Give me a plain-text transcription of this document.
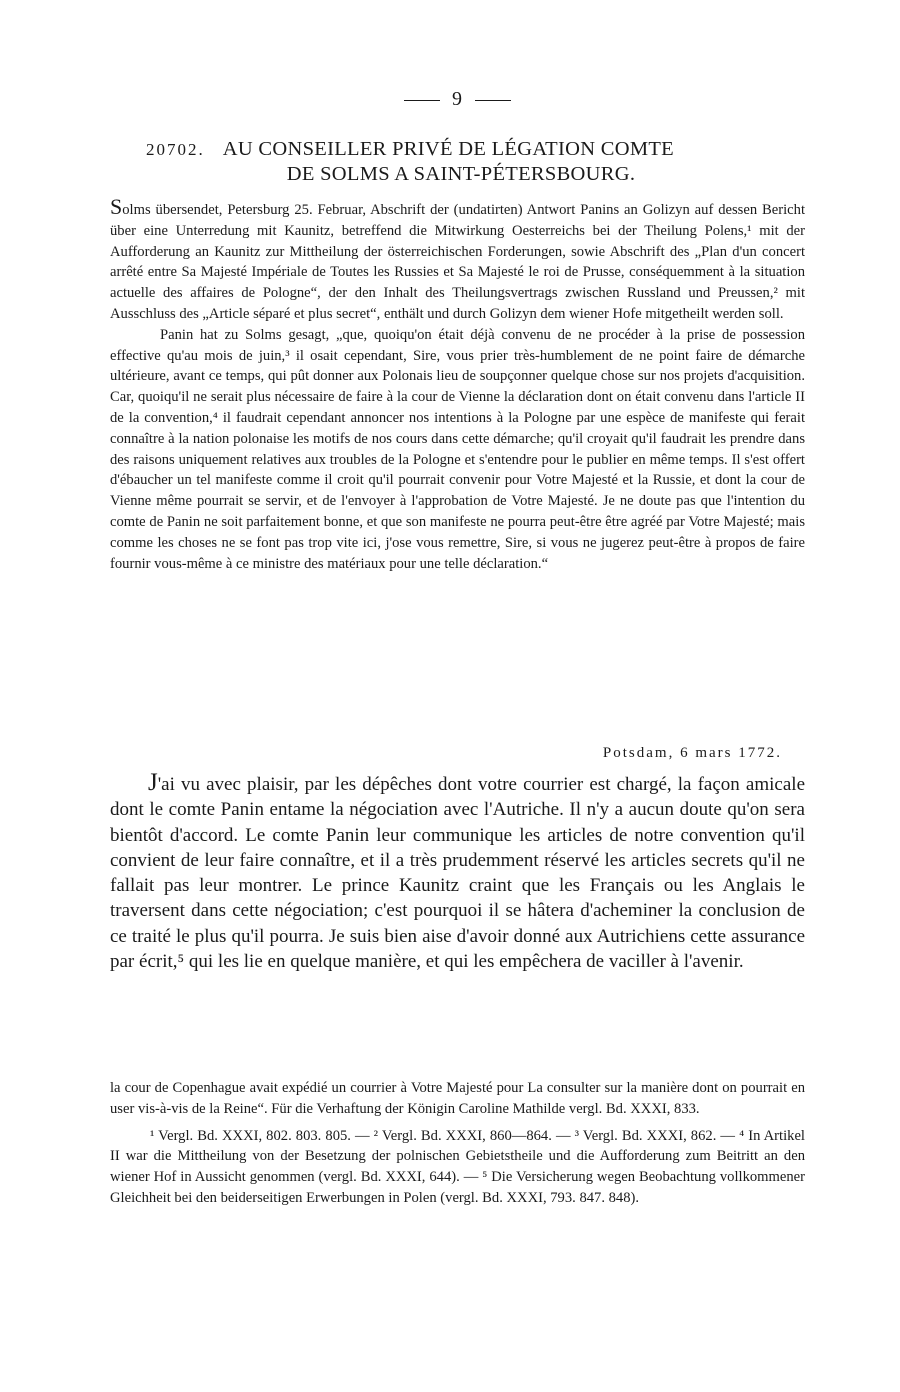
9
20702. AU CONSEILLER PRIVÉ DE LÉGATION COMTE
DE SOLMS A SAINT-PÉTERSBOURG.

Solms übersendet, Petersburg 25. Februar, Abschrift der (undatirten) Antwort Panins an Golizyn auf dessen Bericht über eine Unterredung mit Kaunitz, betreffend die Mitwirkung Oesterreichs bei der Theilung Polens,¹ mit der Aufforderung an Kaunitz zur Mittheilung der österreichischen Forderungen, sowie Abschrift des „Plan d'un concert arrêté entre Sa Majesté Impériale de Toutes les Russies et Sa Majesté le roi de Prusse, conséquemment à la situation actuelle des affaires de Pologne“, der den Inhalt des Theilungsvertrags zwischen Russland und Preussen,² mit Ausschluss des „Article séparé et plus secret“, enthält und durch Golizyn dem wiener Hofe mitgetheilt werden soll.

Panin hat zu Solms gesagt, „que, quoiqu'on était déjà convenu de ne procéder à la prise de possession effective qu'au mois de juin,³ il osait cependant, Sire, vous prier très-humblement de ne point faire de démarche ultérieure, avant ce temps, qui pût donner aux Polonais lieu de soupçonner quelque chose sur nos projets d'acquisition. Car, quoiqu'il ne serait plus nécessaire de faire à la cour de Vienne la déclaration dont on était convenu dans l'article II de la convention,⁴ il faudrait cependant annoncer nos intentions à la Pologne par une espèce de manifeste qui ferait connaître à la nation polonaise les motifs de nos cours dans cette démarche; qu'il croyait qu'il faudrait les prendre dans des raisons uniquement relatives aux troubles de la Pologne et s'entendre pour le publier en même temps. Il s'est offert d'ébaucher un tel manifeste comme il croit qu'il pourrait convenir pour Votre Majesté et la Russie, et dont la cour de Vienne même pourrait se servir, et de l'envoyer à l'approbation de Votre Majesté. Je ne doute pas que l'intention du comte de Panin ne soit parfaitement bonne, et que son manifeste ne pourra peut-être être agréé par Votre Majesté; mais comme les choses ne se font pas trop vite ici, j'ose vous remettre, Sire, si vous ne jugerez peut-être à propos de faire fournir vous-même à ce ministre des matériaux pour une telle déclaration.“

Potsdam, 6 mars 1772.

J'ai vu avec plaisir, par les dépêches dont votre courrier est chargé, la façon amicale dont le comte Panin entame la négociation avec l'Autriche. Il n'y a aucun doute qu'on sera bientôt d'accord. Le comte Panin leur communique les articles de notre convention qu'il convient de leur faire connaître, et il a très prudemment réservé les articles secrets qu'il ne fallait pas leur montrer. Le prince Kaunitz craint que les Français ou les Anglais le traversent dans cette négociation; c'est pourquoi il se hâtera d'acheminer la conclusion de ce traité le plus qu'il pourra. Je suis bien aise d'avoir donné aux Autrichiens cette assurance par écrit,⁵ qui les lie en quelque manière, et qui les empêchera de vaciller à l'avenir.

la cour de Copenhague avait expédié un courrier à Votre Majesté pour La consulter sur la manière dont on pourrait en user vis-à-vis de la Reine“. Für die Verhaftung der Königin Caroline Mathilde vergl. Bd. XXXI, 833.

¹ Vergl. Bd. XXXI, 802. 803. 805. — ² Vergl. Bd. XXXI, 860—864. — ³ Vergl. Bd. XXXI, 862. — ⁴ In Artikel II war die Mittheilung von der Besetzung der polnischen Gebietstheile und die Aufforderung zum Beitritt an den wiener Hof in Aussicht genommen (vergl. Bd. XXXI, 644). — ⁵ Die Versicherung wegen Beobachtung vollkommener Gleichheit bei den beiderseitigen Erwerbungen in Polen (vergl. Bd. XXXI, 793. 847. 848).
